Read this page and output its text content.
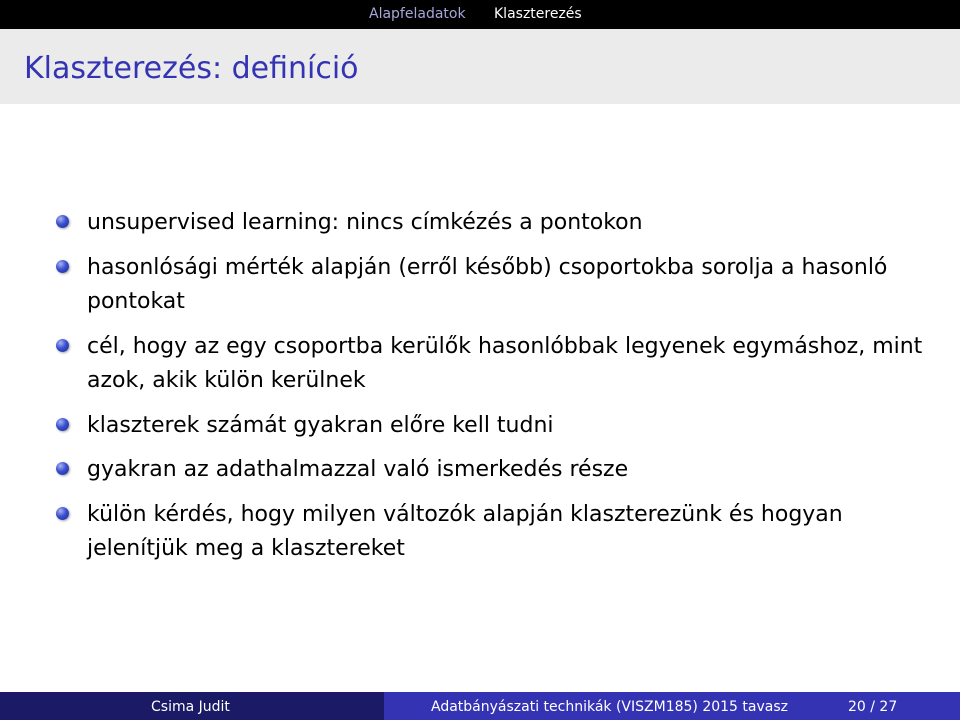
Alapfeladatok Klaszterezés
Klaszterezés: definíció
unsupervised learning: nincs címkézés a pontokon
hasonlósági mérték alapján (erről később) csoportokba sorolja a hasonló pontokat
cél, hogy az egy csoportba kerülők hasonlóbbak legyenek egymáshoz, mint azok, akik külön kerülnek
klaszterek számát gyakran előre kell tudni
gyakran az adathalmazzal való ismerkedés része
külön kérdés, hogy milyen változók alapján klaszterezünk és hogyan jelenítjük meg a klasztereket
Csima Judit	Adatbányászati technikák (VISZM185) 2015 tavasz	20 / 27
